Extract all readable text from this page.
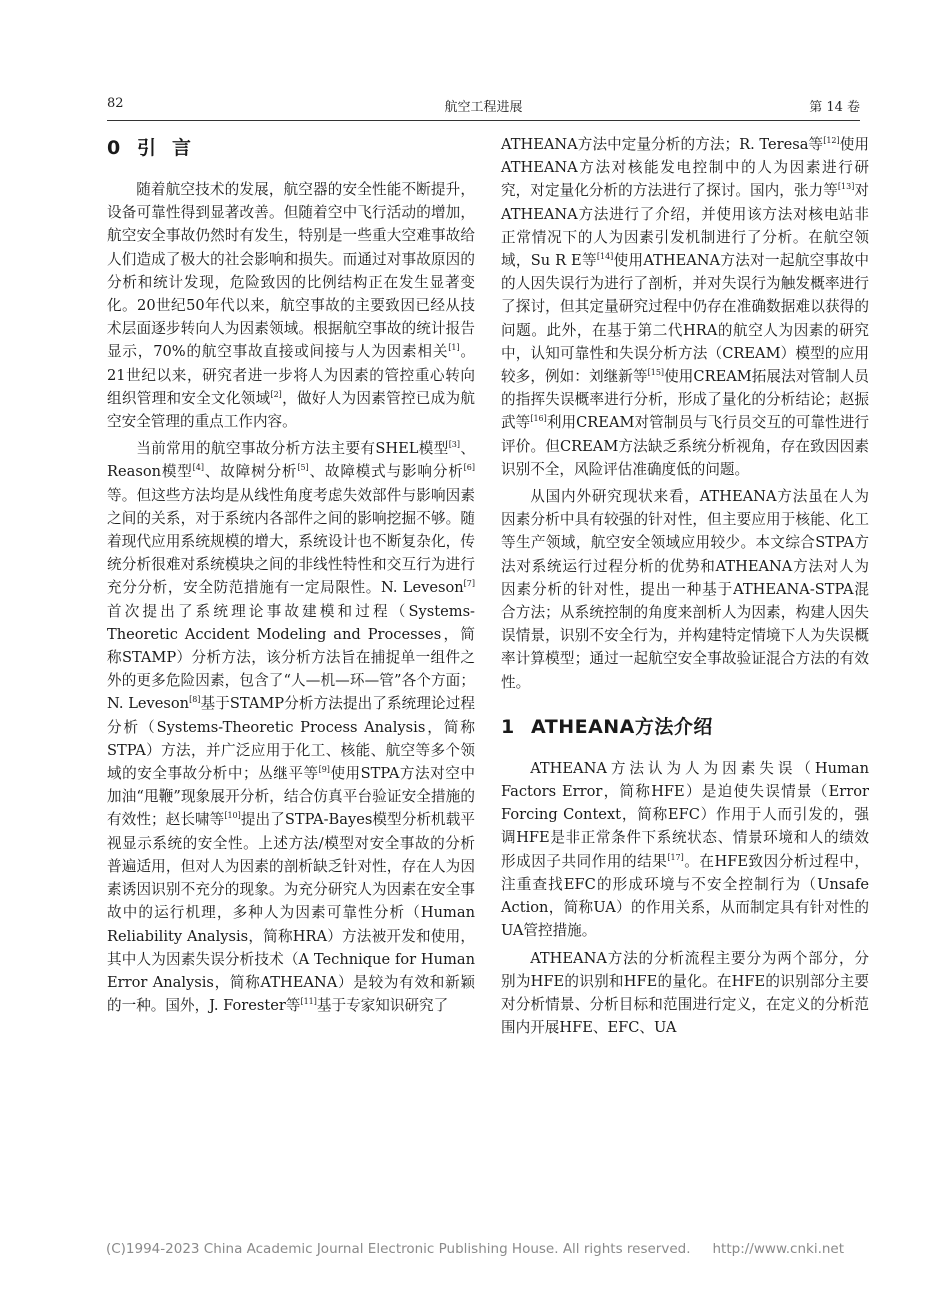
82	航空工程进展	第 14 卷
0 引言

随着航空技术的发展，航空器的安全性能不断提升，设备可靠性得到显著改善。但随着空中飞行活动的增加，航空安全事故仍然时有发生，特别是一些重大空难事故给人们造成了极大的社会影响和损失。而通过对事故原因的分析和统计发现，危险致因的比例结构正在发生显著变化。20世纪50年代以来，航空事故的主要致因已经从技术层面逐步转向人为因素领域。根据航空事故的统计报告显示，70%的航空事故直接或间接与人为因素相关[1]。21世纪以来，研究者进一步将人为因素的管控重心转向组织管理和安全文化领域[2]，做好人为因素管控已成为航空安全管理的重点工作内容。

当前常用的航空事故分析方法主要有SHEL模型[3]、Reason模型[4]、故障树分析[5]、故障模式与影响分析[6]等。但这些方法均是从线性角度考虑失效部件与影响因素之间的关系，对于系统内各部件之间的影响挖掘不够。随着现代应用系统规模的增大，系统设计也不断复杂化，传统分析很难对系统模块之间的非线性特性和交互行为进行充分分析，安全防范措施有一定局限性。N. Leveson[7]首次提出了系统理论事故建模和过程（Systems-Theoretic Accident Modeling and Processes，简称STAMP）分析方法，该分析方法旨在捕捉单一组件之外的更多危险因素，包含了“人—机—环—管”各个方面；N. Leveson[8]基于STAMP分析方法提出了系统理论过程分析（Systems-Theoretic Process Analysis，简称STPA）方法，并广泛应用于化工、核能、航空等多个领域的安全事故分析中；丛继平等[9]使用STPA方法对空中加油“甩鞭”现象展开分析，结合仿真平台验证安全措施的有效性；赵长啸等[10]提出了STPA-Bayes模型分析机载平视显示系统的安全性。上述方法/模型对安全事故的分析普遍适用，但对人为因素的剖析缺乏针对性，存在人为因素诱因识别不充分的现象。为充分研究人为因素在安全事故中的运行机理，多种人为因素可靠性分析（Human Reliability Analysis，简称HRA）方法被开发和使用，其中人为因素失误分析技术（A Technique for Human Error Analysis，简称ATHEANA）是较为有效和新颖的一种。国外，J. Forester等[11]基于专家知识研究了

ATHEANA方法中定量分析的方法；R. Teresa等[12]使用ATHEANA方法对核能发电控制中的人为因素进行研究，对定量化分析的方法进行了探讨。国内，张力等[13]对ATHEANA方法进行了介绍，并使用该方法对核电站非正常情况下的人为因素引发机制进行了分析。在航空领域，Su R E等[14]使用ATHEANA方法对一起航空事故中的人因失误行为进行了剖析，并对失误行为触发概率进行了探讨，但其定量研究过程中仍存在准确数据难以获得的问题。此外，在基于第二代HRA的航空人为因素的研究中，认知可靠性和失误分析方法（CREAM）模型的应用较多，例如：刘继新等[15]使用CREAM拓展法对管制人员的指挥失误概率进行分析，形成了量化的分析结论；赵振武等[16]利用CREAM对管制员与飞行员交互的可靠性进行评价。但CREAM方法缺乏系统分析视角，存在致因因素识别不全，风险评估准确度低的问题。

从国内外研究现状来看，ATHEANA方法虽在人为因素分析中具有较强的针对性，但主要应用于核能、化工等生产领域，航空安全领域应用较少。本文综合STPA方法对系统运行过程分析的优势和ATHEANA方法对人为因素分析的针对性，提出一种基于ATHEANA-STPA混合方法；从系统控制的角度来剖析人为因素，构建人因失误情景，识别不安全行为，并构建特定情境下人为失误概率计算模型；通过一起航空安全事故验证混合方法的有效性。

1 ATHEANA方法介绍

ATHEANA方法认为人为因素失误（Human Factors Error，简称HFE）是迫使失误情景（Error Forcing Context，简称EFC）作用于人而引发的，强调HFE是非正常条件下系统状态、情景环境和人的绩效形成因子共同作用的结果[17]。在HFE致因分析过程中，注重查找EFC的形成环境与不安全控制行为（Unsafe Action，简称UA）的作用关系，从而制定具有针对性的UA管控措施。

ATHEANA方法的分析流程主要分为两个部分，分别为HFE的识别和HFE的量化。在HFE的识别部分主要对分析情景、分析目标和范围进行定义，在定义的分析范围内开展HFE、EFC、UA

(C)1994-2023 China Academic Journal Electronic Publishing House. All rights reserved. http://www.cnki.net
